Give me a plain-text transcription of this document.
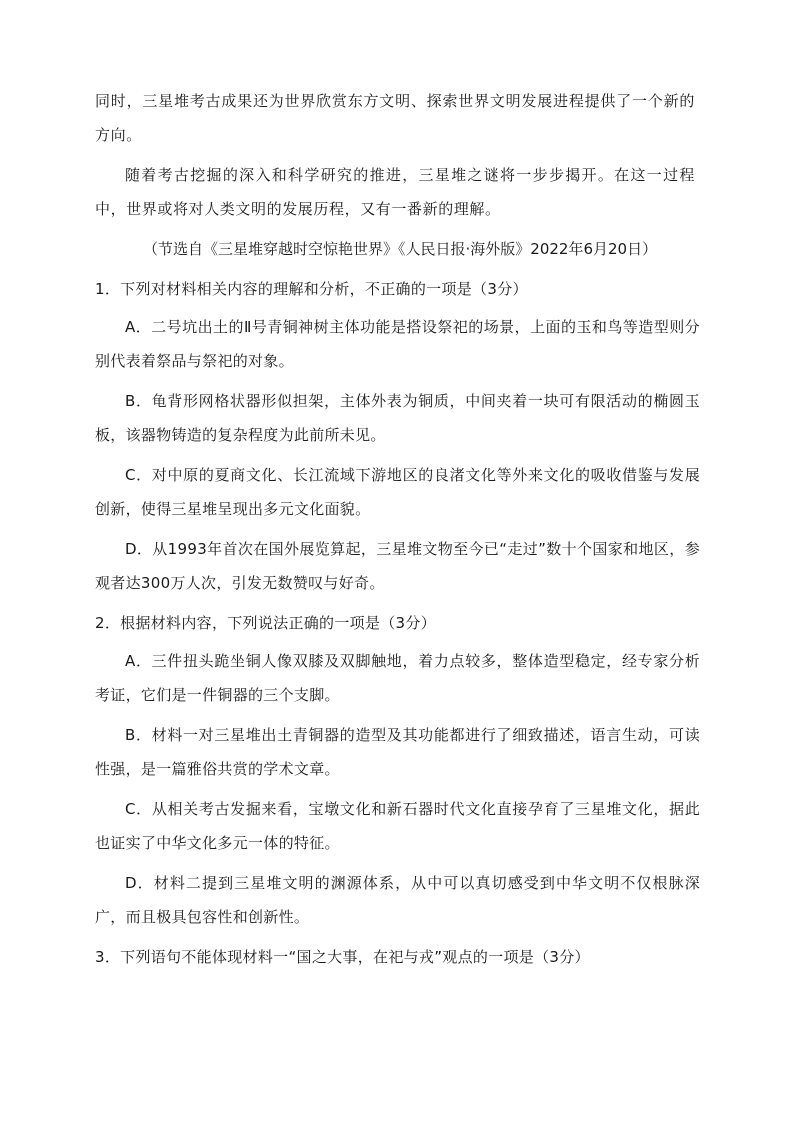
同时，三星堆考古成果还为世界欣赏东方文明、探索世界文明发展进程提供了一个新的方向。

随着考古挖掘的深入和科学研究的推进，三星堆之谜将一步步揭开。在这一过程中，世界或将对人类文明的发展历程，又有一番新的理解。

（节选自《三星堆穿越时空惊艳世界》《人民日报·海外版》2022年6月20日）

1．下列对材料相关内容的理解和分析，不正确的一项是（3分）

A．二号坑出土的Ⅱ号青铜神树主体功能是搭设祭祀的场景，上面的玉和鸟等造型则分别代表着祭品与祭祀的对象。

B．龟背形网格状器形似担架，主体外表为铜质，中间夹着一块可有限活动的椭圆玉板，该器物铸造的复杂程度为此前所未见。

C．对中原的夏商文化、长江流域下游地区的良渚文化等外来文化的吸收借鉴与发展创新，使得三星堆呈现出多元文化面貌。

D．从1993年首次在国外展览算起，三星堆文物至今已“走过”数十个国家和地区，参观者达300万人次，引发无数赞叹与好奇。

2．根据材料内容，下列说法正确的一项是（3分）

A．三件扭头跪坐铜人像双膝及双脚触地，着力点较多，整体造型稳定，经专家分析考证，它们是一件铜器的三个支脚。

B．材料一对三星堆出土青铜器的造型及其功能都进行了细致描述，语言生动，可读性强，是一篇雅俗共赏的学术文章。

C．从相关考古发掘来看，宝墩文化和新石器时代文化直接孕育了三星堆文化，据此也证实了中华文化多元一体的特征。

D．材料二提到三星堆文明的渊源体系，从中可以真切感受到中华文明不仅根脉深广，而且极具包容性和创新性。

3．下列语句不能体现材料一“国之大事，在祀与戎”观点的一项是（3分）
